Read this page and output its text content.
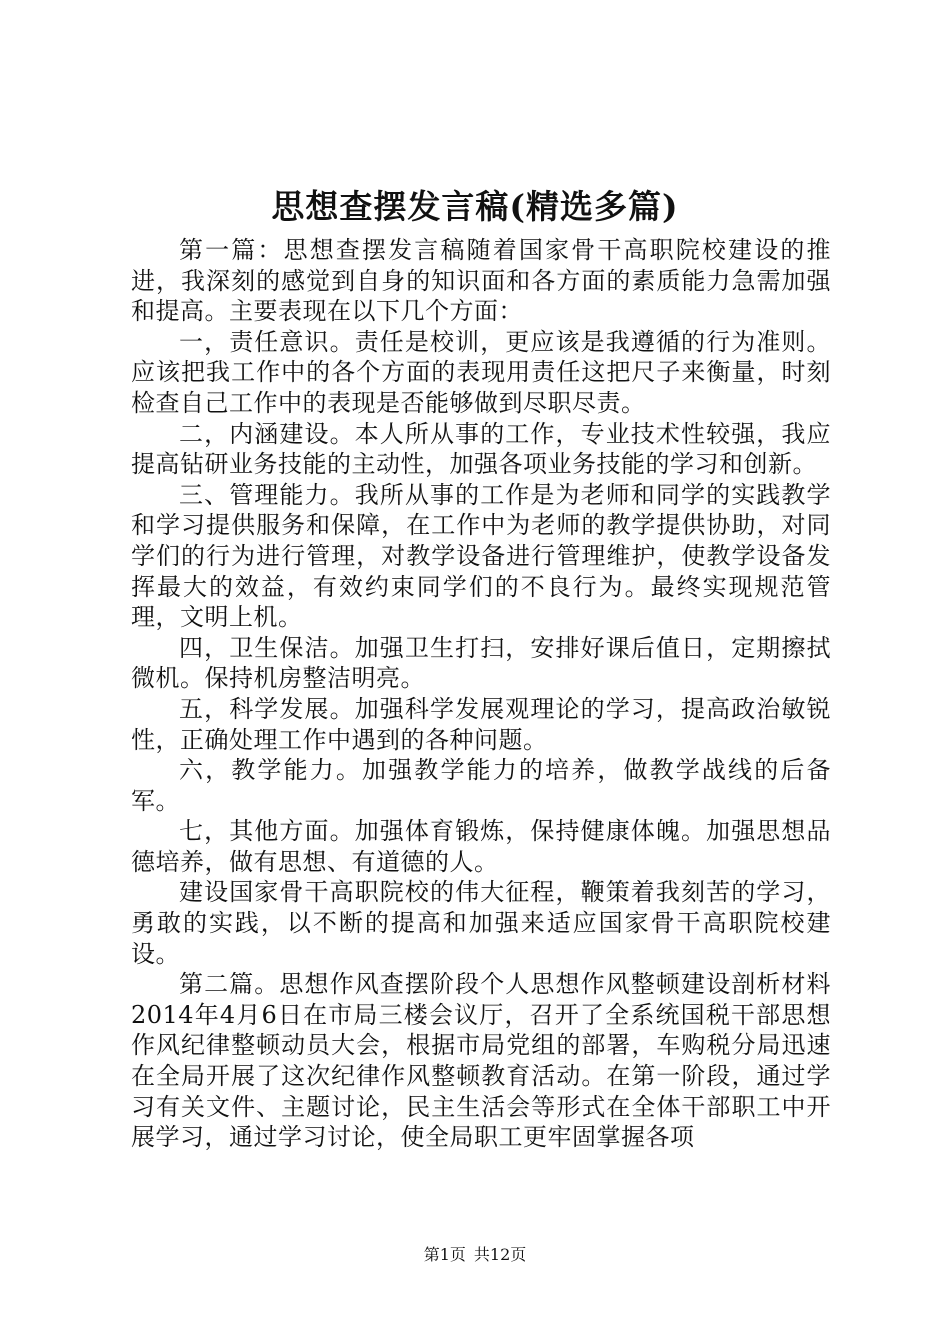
思想查摆发言稿(精选多篇)

第一篇：思想查摆发言稿随着国家骨干高职院校建设的推进，我深刻的感觉到自身的知识面和各方面的素质能力急需加强和提高。主要表现在以下几个方面：

一，责任意识。责任是校训，更应该是我遵循的行为准则。应该把我工作中的各个方面的表现用责任这把尺子来衡量，时刻检查自己工作中的表现是否能够做到尽职尽责。

二，内涵建设。本人所从事的工作，专业技术性较强，我应提高钻研业务技能的主动性，加强各项业务技能的学习和创新。

三、管理能力。我所从事的工作是为老师和同学的实践教学和学习提供服务和保障，在工作中为老师的教学提供协助，对同学们的行为进行管理，对教学设备进行管理维护，使教学设备发挥最大的效益，有效约束同学们的不良行为。最终实现规范管理，文明上机。

四，卫生保洁。加强卫生打扫，安排好课后值日，定期擦拭微机。保持机房整洁明亮。

五，科学发展。加强科学发展观理论的学习，提高政治敏锐性，正确处理工作中遇到的各种问题。

六，教学能力。加强教学能力的培养，做教学战线的后备军。

七，其他方面。加强体育锻炼，保持健康体魄。加强思想品德培养，做有思想、有道德的人。

建设国家骨干高职院校的伟大征程，鞭策着我刻苦的学习，勇敢的实践，以不断的提高和加强来适应国家骨干高职院校建设。

第二篇。思想作风查摆阶段个人思想作风整顿建设剖析材料2014年4月6日在市局三楼会议厅，召开了全系统国税干部思想作风纪律整顿动员大会，根据市局党组的部署，车购税分局迅速在全局开展了这次纪律作风整顿教育活动。在第一阶段，通过学习有关文件、主题讨论，民主生活会等形式在全体干部职工中开展学习，通过学习讨论，使全局职工更牢固掌握各项

第1页 共12页
